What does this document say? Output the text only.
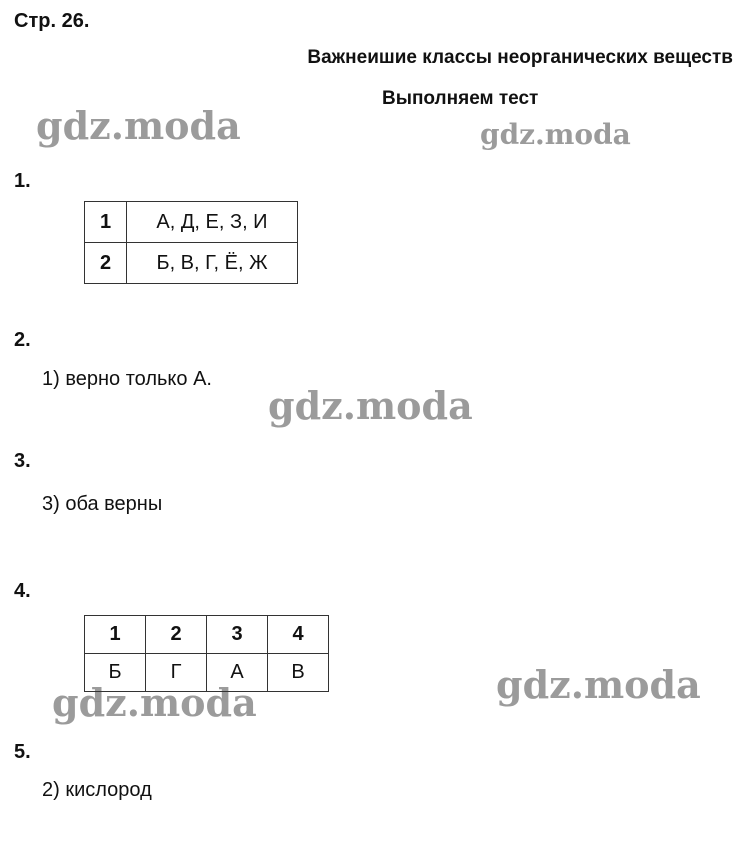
Стр. 26.
Важнеишие классы неорганических веществ
Выполняем тест
gdz.moda	gdz.moda
gdz.moda
gdz.moda
gdz.moda
1.
1	А, Д, Е, З, И
2	Б, В, Г, Ё, Ж
2.
1) верно только А.
3.
3) оба верны
4.
1	2	3	4
Б	Г	А	В
5.
2) кислород
